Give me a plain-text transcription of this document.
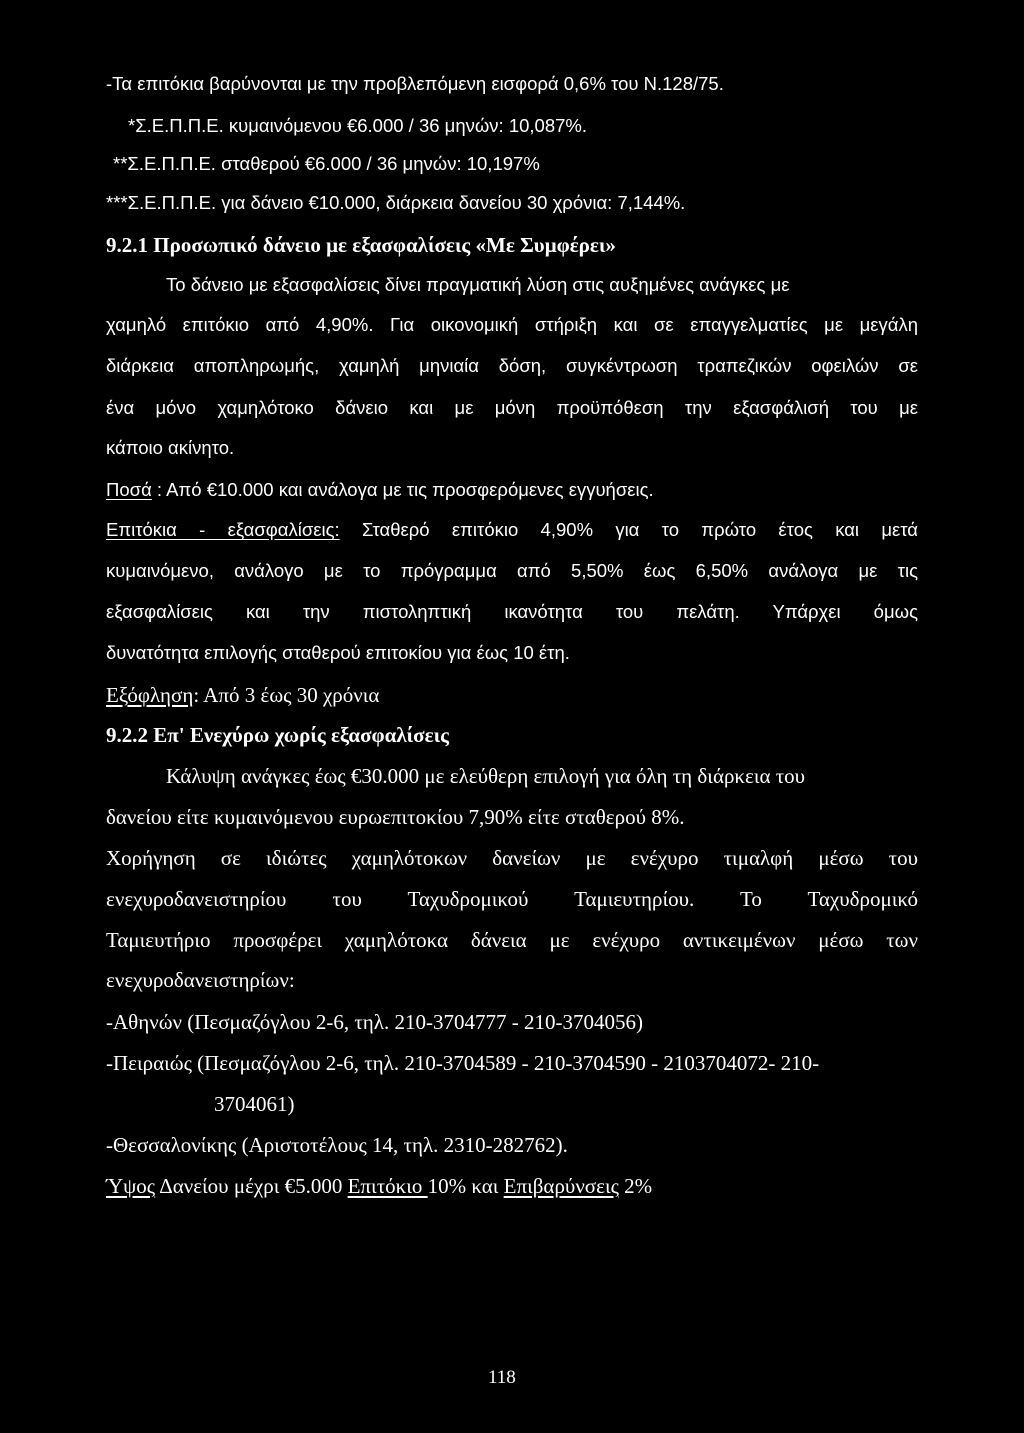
-Τα επιτόκια βαρύνονται με την προβλεπόμενη εισφορά 0,6% του Ν.128/75.
*Σ.Ε.Π.Π.Ε. κυμαινόμενου €6.000 / 36 μηνών: 10,087%.
**Σ.Ε.Π.Π.Ε. σταθερού €6.000 / 36 μηνών: 10,197%
***Σ.Ε.Π.Π.Ε. για δάνειο €10.000, διάρκεια δανείου 30 χρόνια: 7,144%.
9.2.1 Προσωπικό δάνειο με εξασφαλίσεις «Με Συμφέρει»
Το δάνειο με εξασφαλίσεις δίνει πραγματική λύση στις αυξημένες ανάγκες με
χαμηλό επιτόκιο από 4,90%. Για οικονομική στήριξη και σε επαγγελματίες με μεγάλη
διάρκεια αποπληρωμής, χαμηλή μηνιαία δόση, συγκέντρωση τραπεζικών οφειλών σε
ένα μόνο χαμηλότοκο δάνειο και με μόνη προϋπόθεση την εξασφάλισή του με
κάποιο ακίνητο.
Ποσά : Από €10.000 και ανάλογα με τις προσφερόμενες εγγυήσεις.
Επιτόκια - εξασφαλίσεις: Σταθερό επιτόκιο 4,90% για το πρώτο έτος και μετά
κυμαινόμενο, ανάλογο με το πρόγραμμα από 5,50% έως 6,50% ανάλογα με τις
εξασφαλίσεις και την πιστοληπτική ικανότητα του πελάτη. Υπάρχει όμως
δυνατότητα επιλογής σταθερού επιτοκίου για έως 10 έτη.
Εξόφληση: Από 3 έως 30 χρόνια
9.2.2 Επ' Ενεχύρω χωρίς εξασφαλίσεις
Κάλυψη ανάγκες έως €30.000 με ελεύθερη επιλογή για όλη τη διάρκεια του
δανείου είτε κυμαινόμενου ευρωεπιτοκίου 7,90% είτε σταθερού 8%.
Χορήγηση σε ιδιώτες χαμηλότοκων δανείων με ενέχυρο τιμαλφή μέσω του
ενεχυροδανειστηρίου του Ταχυδρομικού Ταμιευτηρίου. Το Ταχυδρομικό
Ταμιευτήριο προσφέρει χαμηλότοκα δάνεια με ενέχυρο αντικειμένων μέσω των
ενεχυροδανειστηρίων:
-Αθηνών (Πεσμαζόγλου 2-6, τηλ. 210-3704777 - 210-3704056)
-Πειραιώς (Πεσμαζόγλου 2-6, τηλ. 210-3704589 - 210-3704590 - 2103704072- 210-
3704061)
-Θεσσαλονίκης (Αριστοτέλους 14, τηλ. 2310-282762).
Ύψος Δανείου μέχρι €5.000 Επιτόκιο 10% και Επιβαρύνσεις 2%
118
